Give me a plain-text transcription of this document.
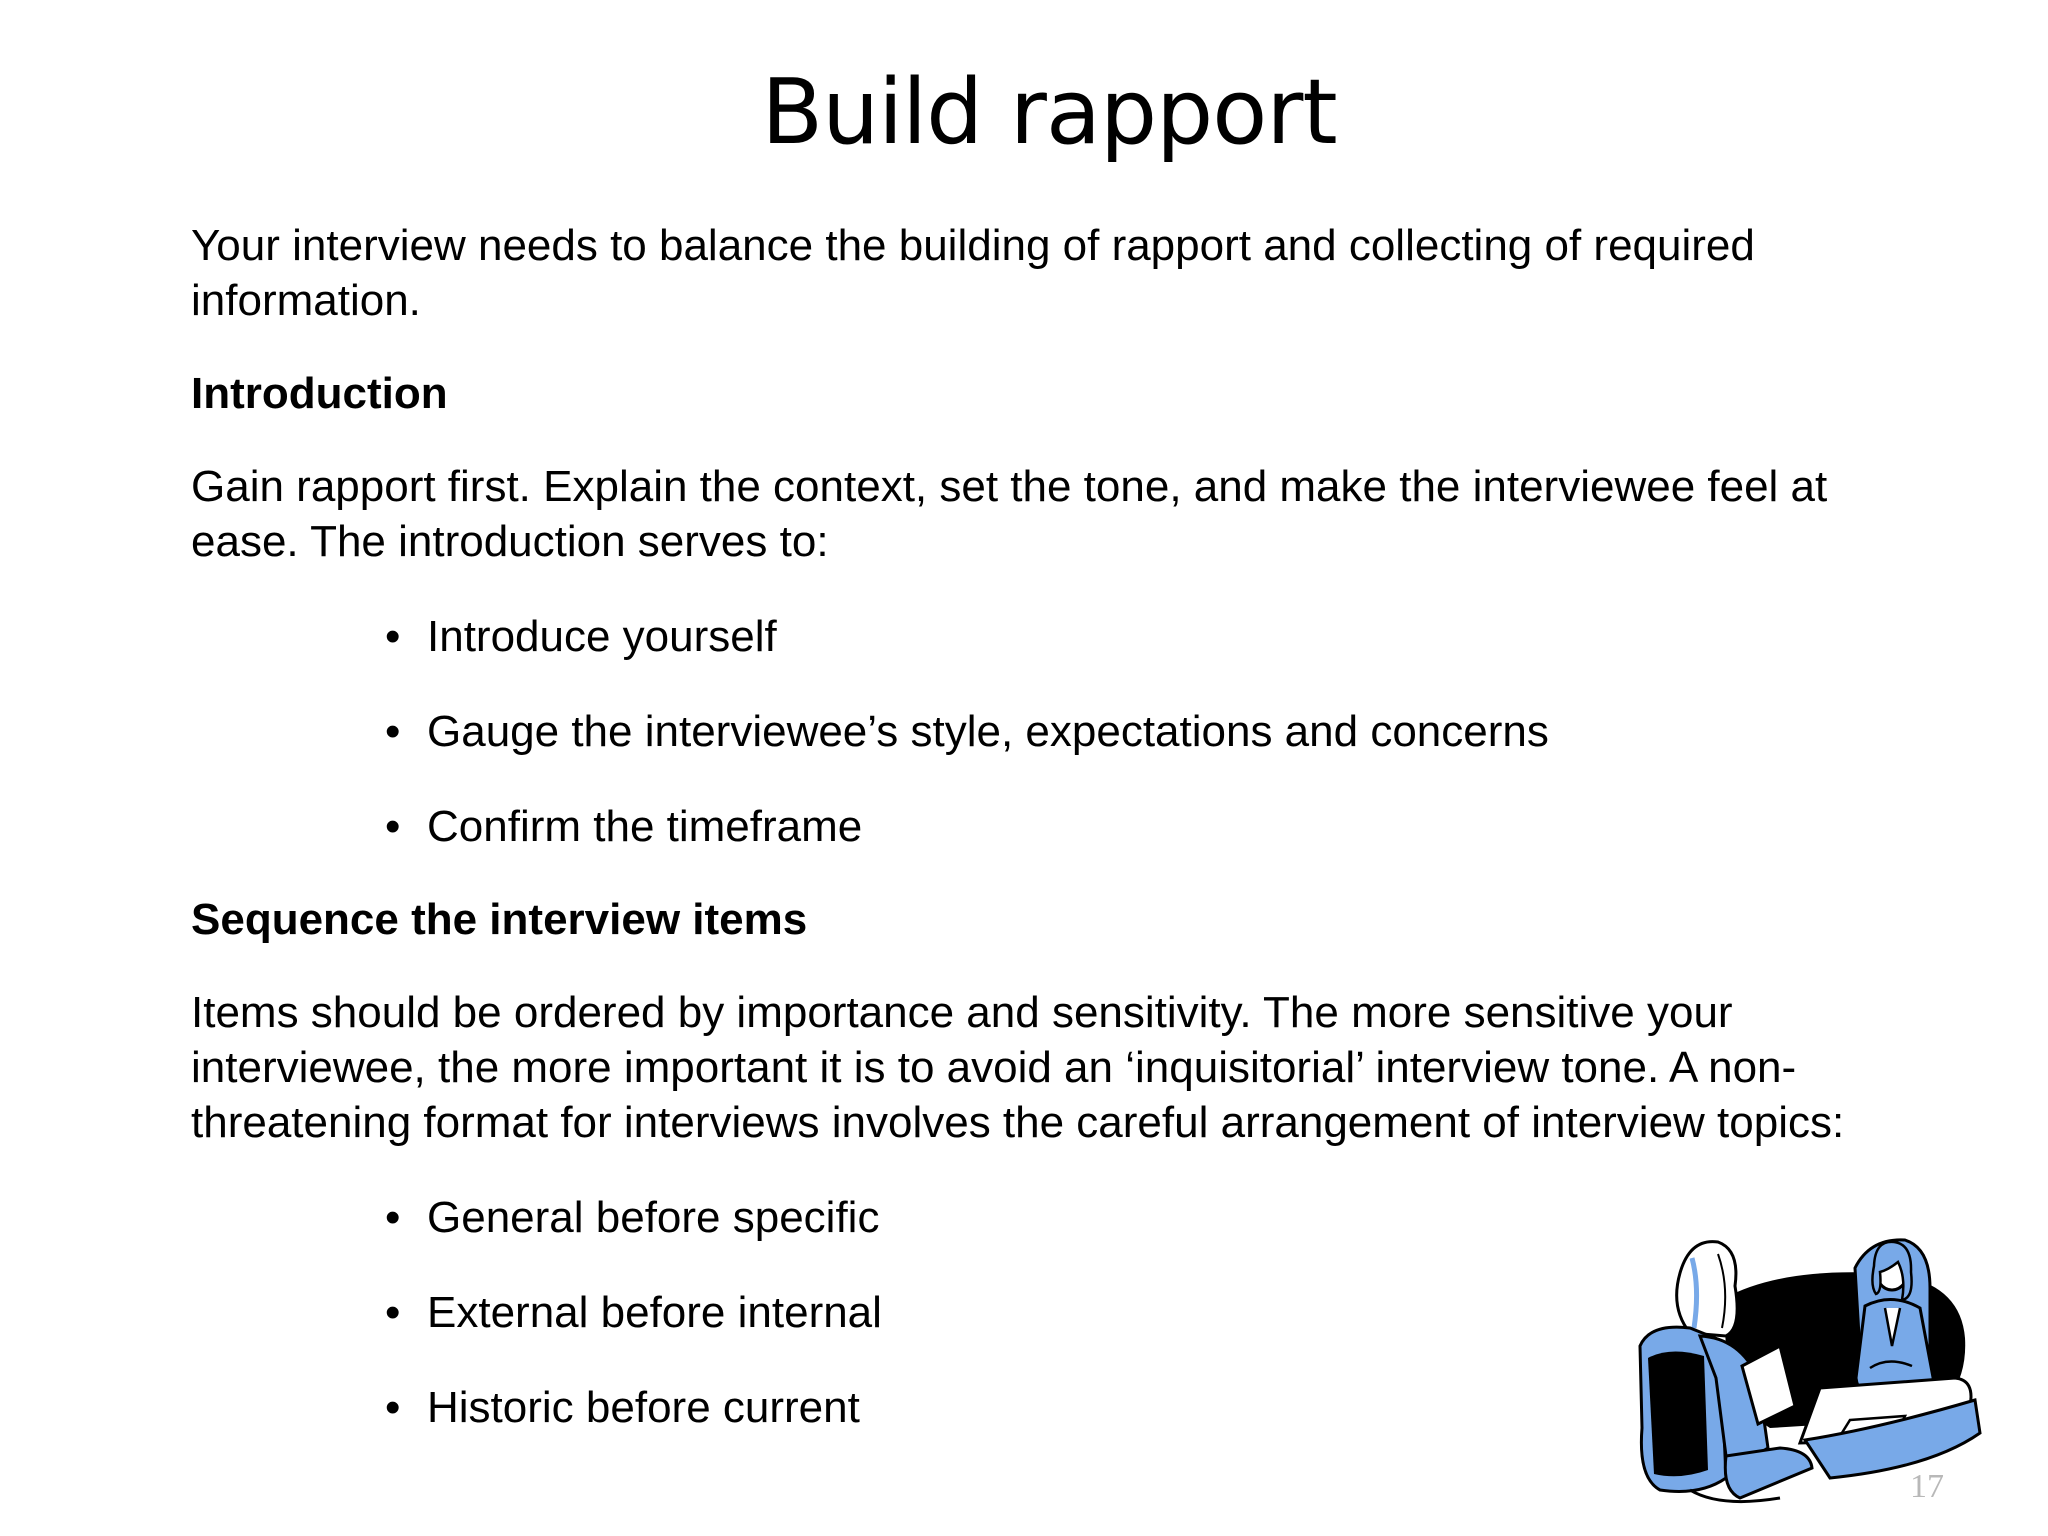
Build rapport

Your interview needs to balance the building of rapport and collecting of required information.

Introduction

Gain rapport first. Explain the context, set the tone, and make the interviewee feel at ease. The introduction serves to:

• Introduce yourself
• Gauge the interviewee’s style, expectations and concerns
• Confirm the timeframe

Sequence the interview items

Items should be ordered by importance and sensitivity. The more sensitive your interviewee, the more important it is to avoid an ‘inquisitorial’ interview tone. A non-threatening format for interviews involves the careful arrangement of interview topics:

• General before specific
• External before internal
• Historic before current
17
